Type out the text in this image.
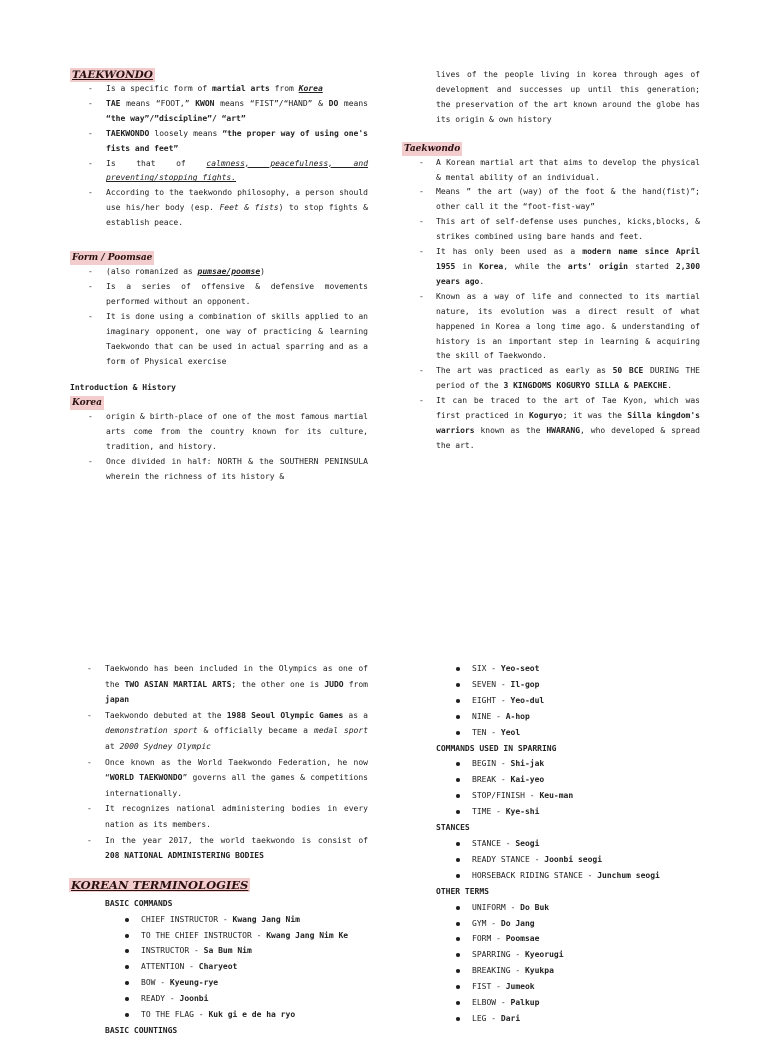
TAEKWONDO
- Is a specific form of martial arts from Korea
- TAE means “FOOT,” KWON means “FIST”/“HAND” & DO means “the way”/”discipline”/ “art”
- TAEKWONDO loosely means “the proper way of using one's fists and feet”
- Is that of calmness, peacefulness, and preventing/stopping fights.
- According to the taekwondo philosophy, a person should use his/her body (esp. Feet & fists) to stop fights & establish peace.
Form / Poomsae
- (also romanized as pumsae/poomse)
- Is a series of offensive & defensive movements performed without an opponent.
- It is done using a combination of skills applied to an imaginary opponent, one way of practicing & learning Taekwondo that can be used in actual sparring and as a form of Physical exercise
Introduction & History
Korea
- origin & birth-place of one of the most famous martial arts come from the country known for its culture, tradition, and history.
- Once divided in half: NORTH & the SOUTHERN PENINSULA wherein the richness of its history &

lives of the people living in korea through ages of development and successes up until this generation; the preservation of the art known around the globe has its origin & own history

Taekwondo
- A Korean martial art that aims to develop the physical & mental ability of an individual.
- Means ” the art (way) of the foot & the hand(fist)”; other call it the “foot-fist-way”
- This art of self-defense uses punches, kicks,blocks, & strikes combined using bare hands and feet.
- It has only been used as a modern name since April 1955 in Korea, while the arts' origin started 2,300 years ago.
- Known as a way of life and connected to its martial nature, its evolution was a direct result of what happened in Korea a long time ago. & understanding of history is an important step in learning & acquiring the skill of Taekwondo.
- The art was practiced as early as 50 BCE DURING THE period of the 3 KINGDOMS KOGURYO SILLA & PAEKCHE.
- It can be traced to the art of Tae Kyon, which was first practiced in Koguryo; it was the Silla kingdom's warriors known as the HWARANG, who developed & spread the art.
- Taekwondo has been included in the Olympics as one of the TWO ASIAN MARTIAL ARTS; the other one is JUDO from japan
- Taekwondo debuted at the 1988 Seoul Olympic Games as a demonstration sport & officially became a medal sport at 2000 Sydney Olympic
- Once known as the World Taekwondo Federation, he now “WORLD TAEKWONDO” governs all the games & competitions internationally.
- It recognizes national administering bodies in every nation as its members.
- In the year 2017, the world taekwondo is consist of 208 NATIONAL ADMINISTERING BODIES
KOREAN TERMINOLOGIES
BASIC COMMANDS
CHIEF INSTRUCTOR - Kwang Jang Nim
TO THE CHIEF INSTRUCTOR - Kwang Jang Nim Ke
INSTRUCTOR - Sa Bum Nim
ATTENTION - Charyeot
BOW - Kyeung-rye
READY - Joonbi
TO THE FLAG - Kuk gi e de ha ryo
BASIC COUNTINGS
SIX - Yeo-seot
SEVEN - Il-gop
EIGHT - Yeo-dul
NINE - A-hop
TEN - Yeol
COMMANDS USED IN SPARRING
BEGIN - Shi-jak
BREAK - Kai-yeo
STOP/FINISH - Keu-man
TIME - Kye-shi
STANCES
STANCE - Seogi
READY STANCE - Joonbi seogi
HORSEBACK RIDING STANCE - Junchum seogi
OTHER TERMS
UNIFORM - Do Buk
GYM - Do Jang
FORM - Poomsae
SPARRING - Kyeorugi
BREAKING - Kyukpa
FIST - Jumeok
ELBOW - Palkup
LEG - Dari
